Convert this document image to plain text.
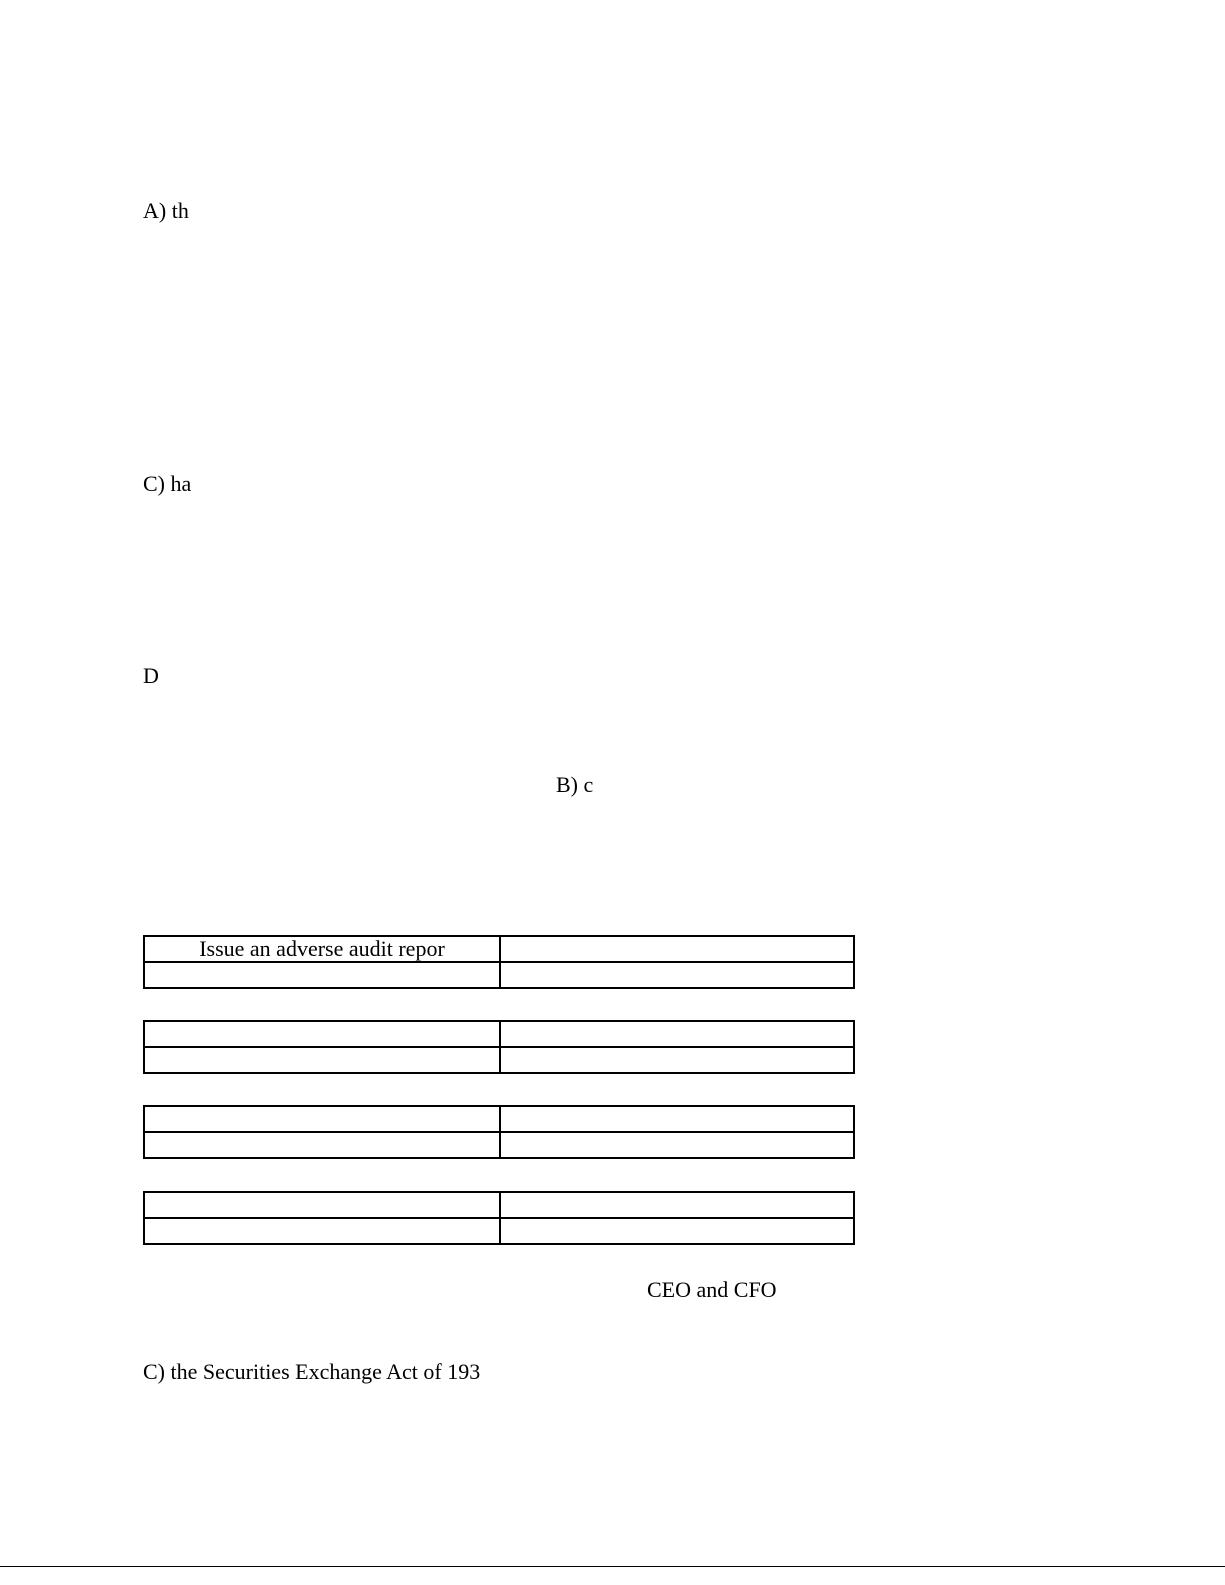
A) th
C) ha
D
B) c
Issue an adverse audit repor	

CEO and CFO
C) the Securities Exchange Act of 193
